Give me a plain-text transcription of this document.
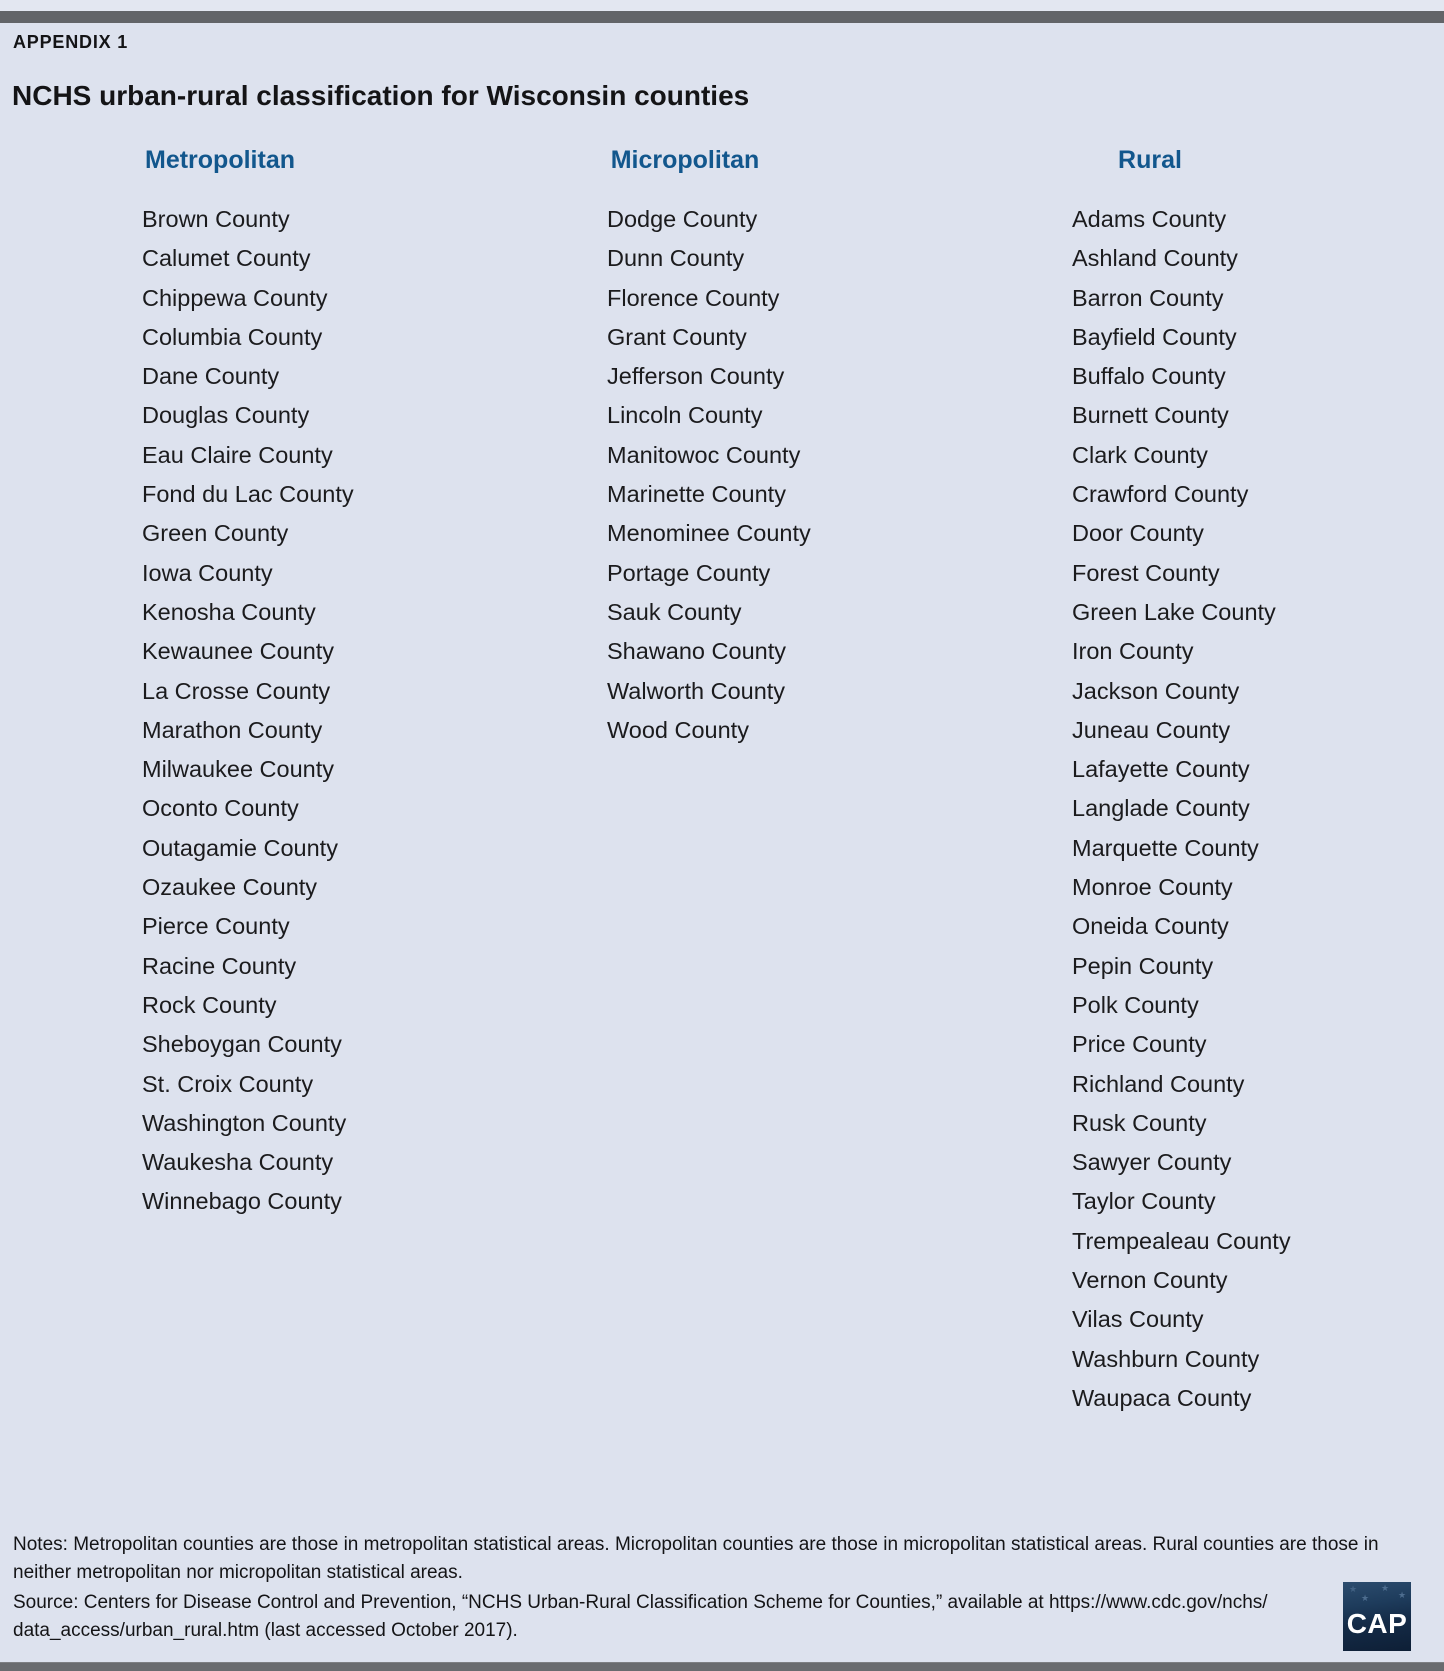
APPENDIX 1
NCHS urban-rural classification for Wisconsin counties
Metropolitan
Brown County
Calumet County
Chippewa County
Columbia County
Dane County
Douglas County
Eau Claire County
Fond du Lac County
Green County
Iowa County
Kenosha County
Kewaunee County
La Crosse County
Marathon County
Milwaukee County
Oconto County
Outagamie County
Ozaukee County
Pierce County
Racine County
Rock County
Sheboygan County
St. Croix County
Washington County
Waukesha County
Winnebago County
Micropolitan
Dodge County
Dunn County
Florence County
Grant County
Jefferson County
Lincoln County
Manitowoc County
Marinette County
Menominee County
Portage County
Sauk County
Shawano County
Walworth County
Wood County
Rural
Adams County
Ashland County
Barron County
Bayfield County
Buffalo County
Burnett County
Clark County
Crawford County
Door County
Forest County
Green Lake County
Iron County
Jackson County
Juneau County
Lafayette County
Langlade County
Marquette County
Monroe County
Oneida County
Pepin County
Polk County
Price County
Richland County
Rusk County
Sawyer County
Taylor County
Trempealeau County
Vernon County
Vilas County
Washburn County
Waupaca County
Notes: Metropolitan counties are those in metropolitan statistical areas. Micropolitan counties are those in micropolitan statistical areas. Rural counties are those in
neither metropolitan nor micropolitan statistical areas.
Source: Centers for Disease Control and Prevention, “NCHS Urban-Rural Classification Scheme for Counties,” available at https://www.cdc.gov/nchs/
data_access/urban_rural.htm (last accessed October 2017).
★
★
★
★
CAP
